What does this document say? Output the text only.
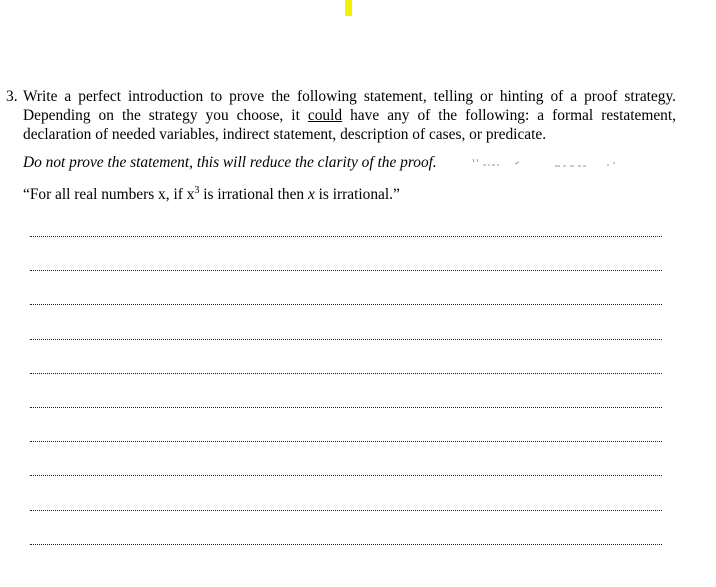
3. Write a perfect introduction to prove the following statement, telling or hinting of a proof strategy. Depending on the strategy you choose, it could have any of the following: a formal restatement, declaration of needed variables, indirect statement, description of cases, or predicate.
Do not prove the statement, this will reduce the clarity of the proof.
“For all real numbers x, if $x^3$ is irrational then x is irrational.”
